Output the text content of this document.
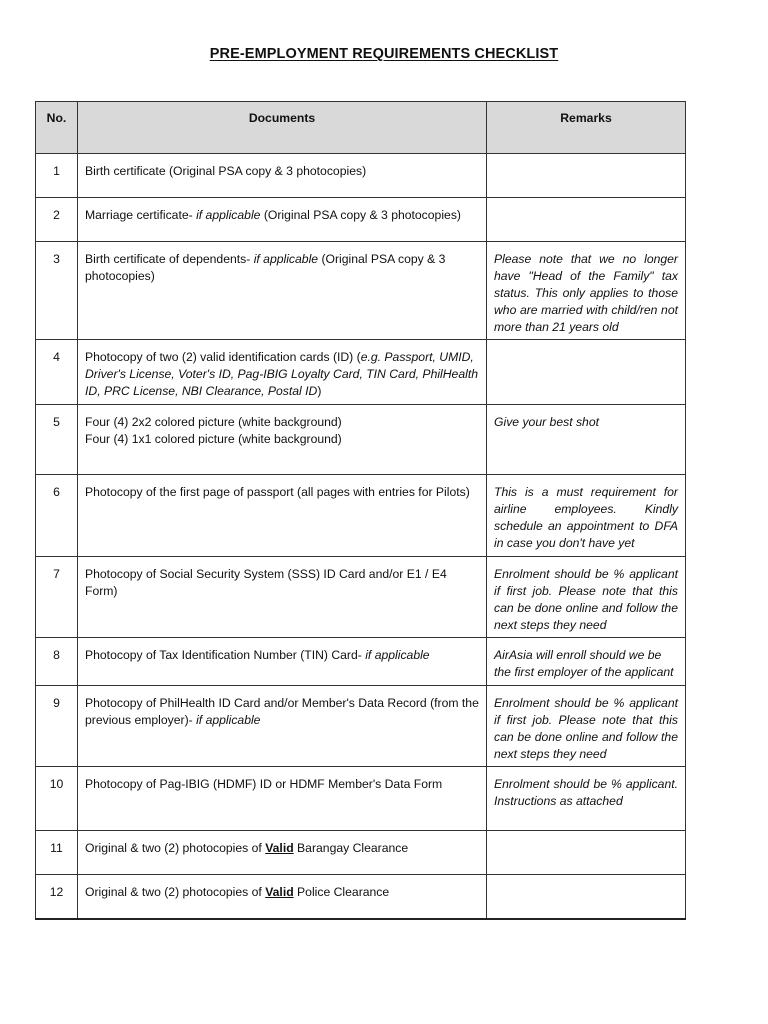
PRE-EMPLOYMENT REQUIREMENTS CHECKLIST
No.	Documents	Remarks
1	Birth certificate (Original PSA copy & 3 photocopies)	
2	Marriage certificate- if applicable (Original PSA copy & 3 photocopies)	
3	Birth certificate of dependents- if applicable (Original PSA copy & 3 photocopies)	Please note that we no longer have "Head of the Family" tax status. This only applies to those who are married with child/ren not more than 21 years old
4	Photocopy of two (2) valid identification cards (ID) (e.g. Passport, UMID, Driver's License, Voter's ID, Pag-IBIG Loyalty Card, TIN Card, PhilHealth ID, PRC License, NBI Clearance, Postal ID)	
5	Four (4) 2x2 colored picture (white background)
Four (4) 1x1 colored picture (white background)	Give your best shot
6	Photocopy of the first page of passport (all pages with entries for Pilots)	This is a must requirement for airline employees. Kindly schedule an appointment to DFA in case you don't have yet
7	Photocopy of Social Security System (SSS) ID Card and/or E1 / E4 Form)	Enrolment should be % applicant if first job. Please note that this can be done online and follow the next steps they need
8	Photocopy of Tax Identification Number (TIN) Card- if applicable	AirAsia will enroll should we be the first employer of the applicant
9	Photocopy of PhilHealth ID Card and/or Member's Data Record (from the previous employer)- if applicable	Enrolment should be % applicant if first job. Please note that this can be done online and follow the next steps they need
10	Photocopy of Pag-IBIG (HDMF) ID or HDMF Member's Data Form	Enrolment should be % applicant. Instructions as attached
11	Original & two (2) photocopies of Valid Barangay Clearance	
12	Original & two (2) photocopies of Valid Police Clearance	
